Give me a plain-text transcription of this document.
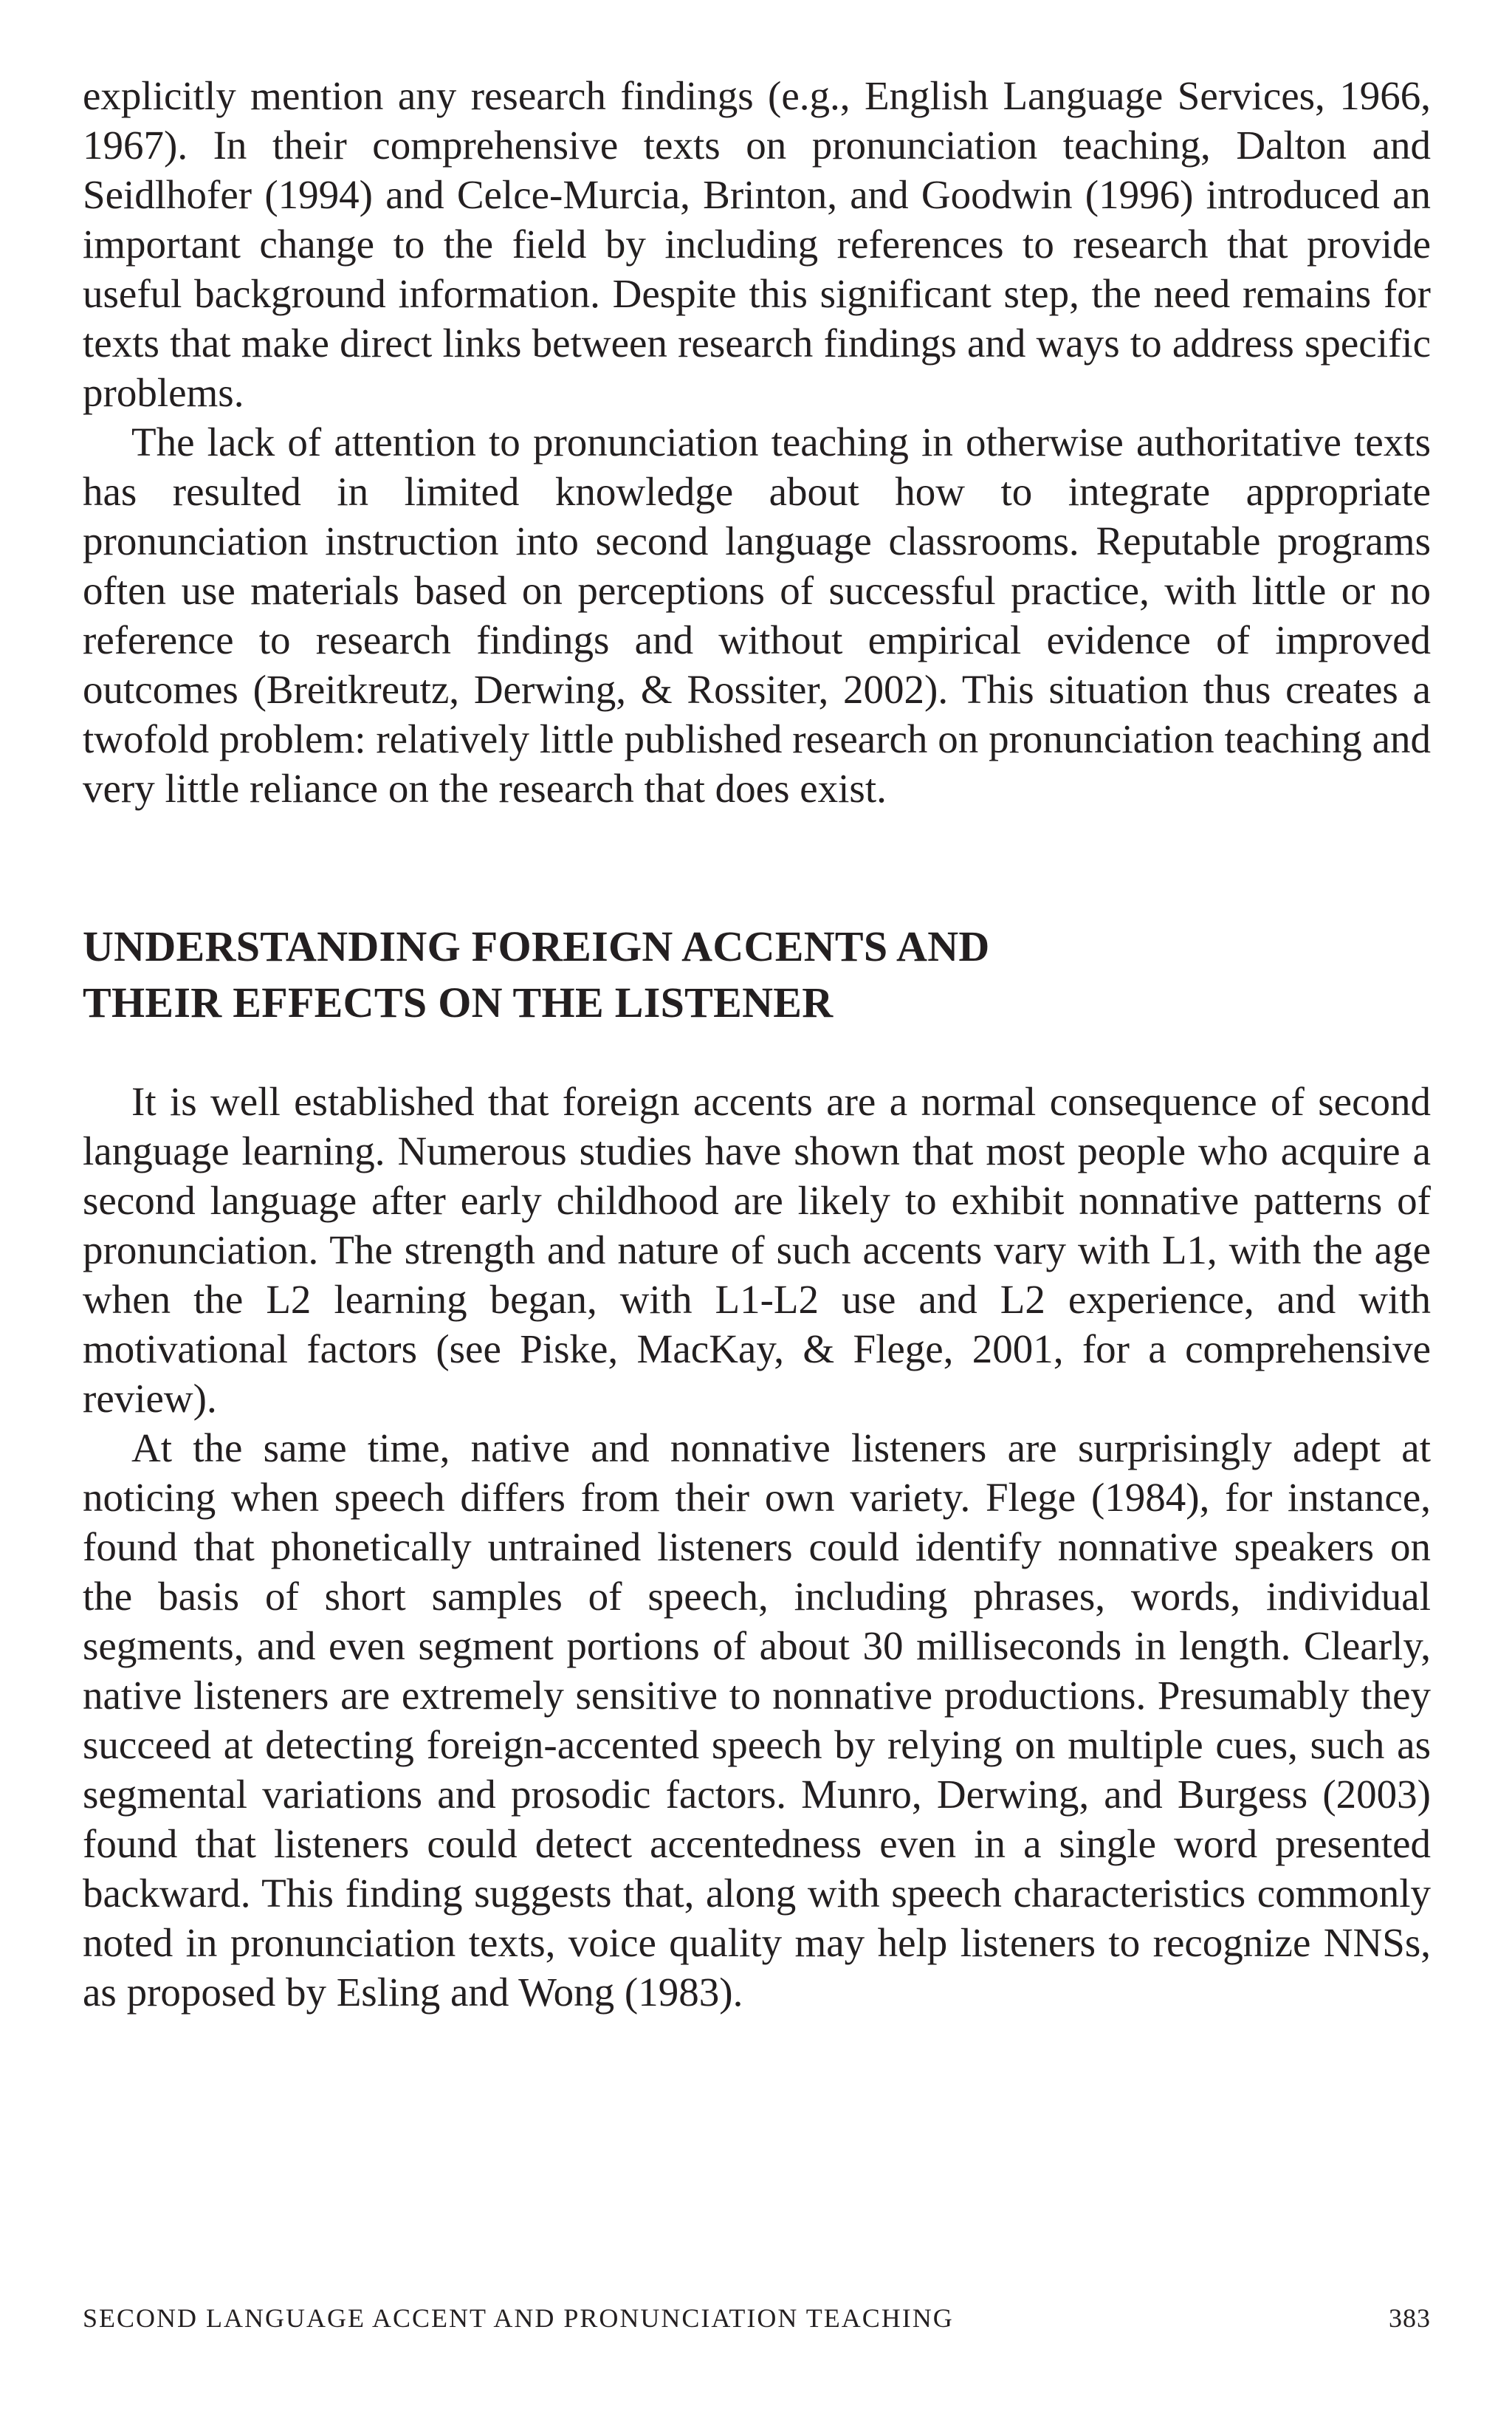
explicitly mention any research findings (e.g., English Language Services, 1966, 1967). In their comprehensive texts on pronunciation teaching, Dalton and Seidlhofer (1994) and Celce-Murcia, Brinton, and Goodwin (1996) introduced an important change to the field by including references to research that provide useful background information. Despite this significant step, the need remains for texts that make direct links between research findings and ways to address specific problems.

The lack of attention to pronunciation teaching in otherwise authoritative texts has resulted in limited knowledge about how to integrate appropriate pronunciation instruction into second language classrooms. Reputable programs often use materials based on perceptions of successful practice, with little or no reference to research findings and without empirical evidence of improved outcomes (Breitkreutz, Derwing, & Rossiter, 2002). This situation thus creates a twofold problem: relatively little published research on pronunciation teaching and very little reliance on the research that does exist.

UNDERSTANDING FOREIGN ACCENTS AND
THEIR EFFECTS ON THE LISTENER

It is well established that foreign accents are a normal consequence of second language learning. Numerous studies have shown that most people who acquire a second language after early childhood are likely to exhibit nonnative patterns of pronunciation. The strength and nature of such accents vary with L1, with the age when the L2 learning began, with L1-L2 use and L2 experience, and with motivational factors (see Piske, MacKay, & Flege, 2001, for a comprehensive review).

At the same time, native and nonnative listeners are surprisingly adept at noticing when speech differs from their own variety. Flege (1984), for instance, found that phonetically untrained listeners could identify nonnative speakers on the basis of short samples of speech, including phrases, words, individual segments, and even segment portions of about 30 milliseconds in length. Clearly, native listeners are extremely sensitive to nonnative productions. Presumably they succeed at detecting foreign-accented speech by relying on multiple cues, such as segmental variations and prosodic factors. Munro, Derwing, and Burgess (2003) found that listeners could detect accentedness even in a single word presented backward. This finding suggests that, along with speech characteristics commonly noted in pronunciation texts, voice quality may help listeners to recognize NNSs, as proposed by Esling and Wong (1983).

SECOND LANGUAGE ACCENT AND PRONUNCIATION TEACHING	383
